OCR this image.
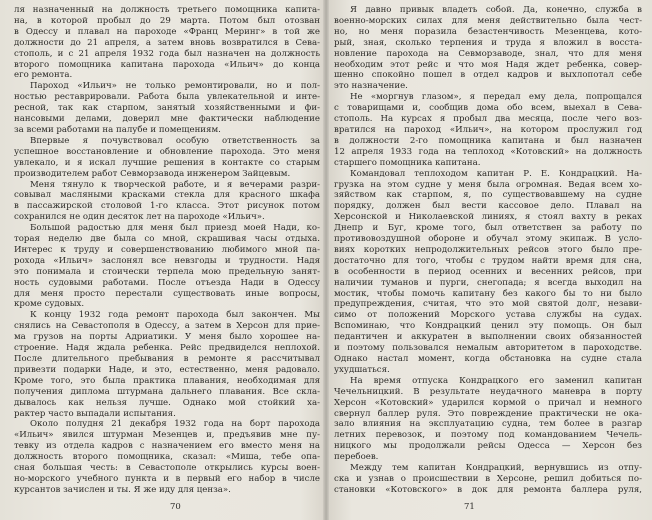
ля назначенный на должность третьего помощника капита-
на, в которой пробыл до 29 марта. Потом был отозван
в Одессу и плавал на пароходе «Франц Меринг» в той же
должности до 21 апреля, а затем вновь возвратился в Сева-
стополь, и с 21 апреля 1932 года был назначен на должность
второго помощника капитана парохода «Ильич» до конца
его ремонта.
Пароход «Ильич» не только ремонтировали, но и пол-
ностью реставрировали. Работа была увлекательной и инте-
ресной, так как старпом, занятый хозяйственными и фи-
нансовыми делами, доверил мне фактически наблюдение
за всеми работами на палубе и помещениям.
Впервые я почувствовал особую ответственность за
успешное восстановление и обновление парохода. Это меня
увлекало, и я искал лучшие решения в контакте со старым
производителем работ Севморзавода инженером Зайцевым.
Меня тянуло к творческой работе, и я вечерами разри-
совывал масляными красками стекла для красного шкафа
в пассажирской столовой 1-го класса. Этот рисунок потом
сохранился не один десяток лет на пароходе «Ильич».
Большой радостью для меня был приезд моей Нади, ко-
торая неделю две была со мной, скрашивая часы отдыха.
Интерес к труду и совершенствованию любимого мной па-
рохода «Ильич» заслонял все невзгоды и трудности. Надя
это понимала и стоически терпела мою предельную занят-
ность судовыми работами. После отъезда Нади в Одессу
для меня просто перестали существовать иные вопросы,
кроме судовых.
К концу 1932 года ремонт парохода был закончен. Мы
снялись на Севастополя в Одессу, а затем в Херсон для прие-
ма грузов на порты Адриатики. У меня было хорошее на-
строение. Надя ждала ребенка. Рейс предвиделся неплохой.
После длительного пребывания в ремонте я рассчитывал
привезти подарки Наде, и это, естественно, меня радовало.
Кроме того, это была практика плавания, необходимая для
получения диплома штурмана дальнего плавания. Все скла-
дывалось как нельзя лучше. Однако мой стойкий ха-
рактер часто выпадали испытания.
Около полудня 21 декабря 1932 года на борт парохода
«Ильич» явился штурман Мезенцев и, предъявив мне пу-
тевку из отдела кадров с назначением его вместо меня на
должность второго помощника, сказал: «Миша, тебе опа-
сная большая честь: в Севастополе открылись курсы воен-
но-морского учебного пункта и в первый его набор в числе
курсантов зачислен и ты. Я же иду для ценза».
70
Я давно привык владеть собой. Да, конечно, служба в
военно-морских силах для меня действительно была чест-
но, но меня поразила безастенчивость Мезенцева, кото-
рый, зная, сколько терпения и труда я вложил в восста-
новление парохода на Севморзаводе, знал, что для меня
необходим этот рейс и что моя Надя ждет ребенка, совер-
шенно спокойно пошел в отдел кадров и выхлопотал себе
это назначение.
Не «моргнув глазом», я передал ему дела, попрощался
с товарищами и, сообщив дома обо всем, выехал в Сева-
стополь. На курсах я пробыл два месяца, после чего воз-
вратился на пароход «Ильич», на котором прослужил год
в должности 2-го помощника капитана и был назначен
12 апреля 1933 года на теплоход «Котовский» на должность
старшего помощника капитана.
Командовал теплоходом капитан Р. Е. Кондрацкий. На-
грузка на этом судне у меня была огромная. Ведая всем хо-
зяйством как старпом, я, по существовавшему на судне
порядку, должен был вести кассовое дело. Плавал на
Херсонской и Николаевской линиях, я стоял вахту в реках
Днепр и Буг, кроме того, был ответствен за работу по
противовоздушной обороне и обучал этому экипаж. В усло-
виях коротких непродолжительных рейсов этого было пре-
достаточно для того, чтобы с трудом найти время для сна,
в особенности в период осенних и весенних рейсов, при
наличии туманов и пурги, снегопада; я всегда выходил на
мостик, чтобы помочь капитану без какого бы то ни было
предупреждения, считая, что это мой святой долг, незави-
симо от положений Морского устава службы на судах.
Вспоминаю, что Кондрацкий ценил эту помощь. Он был
педантичен и аккуратен в выполнении своих обязанностей
и поэтому пользовался немалым авторитетом в пароходстве.
Однако настал момент, когда обстановка на судне стала
ухудшаться.
На время отпуска Кондрацкого его заменил капитан
Чечельницкий. В результате неудачного маневра в порту
Херсон «Котовский» ударился кормой о причал и немного
свернул баллер руля. Это повреждение практически не ока-
зало влияния на эксплуатацию судна, тем более в разгар
летних перевозок, и поэтому под командованием Чечель-
ницкого мы продолжали рейсы Одесса — Херсон без
перебоев.
Между тем капитан Кондрацкий, вернувшись из отпу-
ска и узнав о происшествии в Херсоне, решил добиться по-
становки «Котовского» в док для ремонта баллера руля,
71
